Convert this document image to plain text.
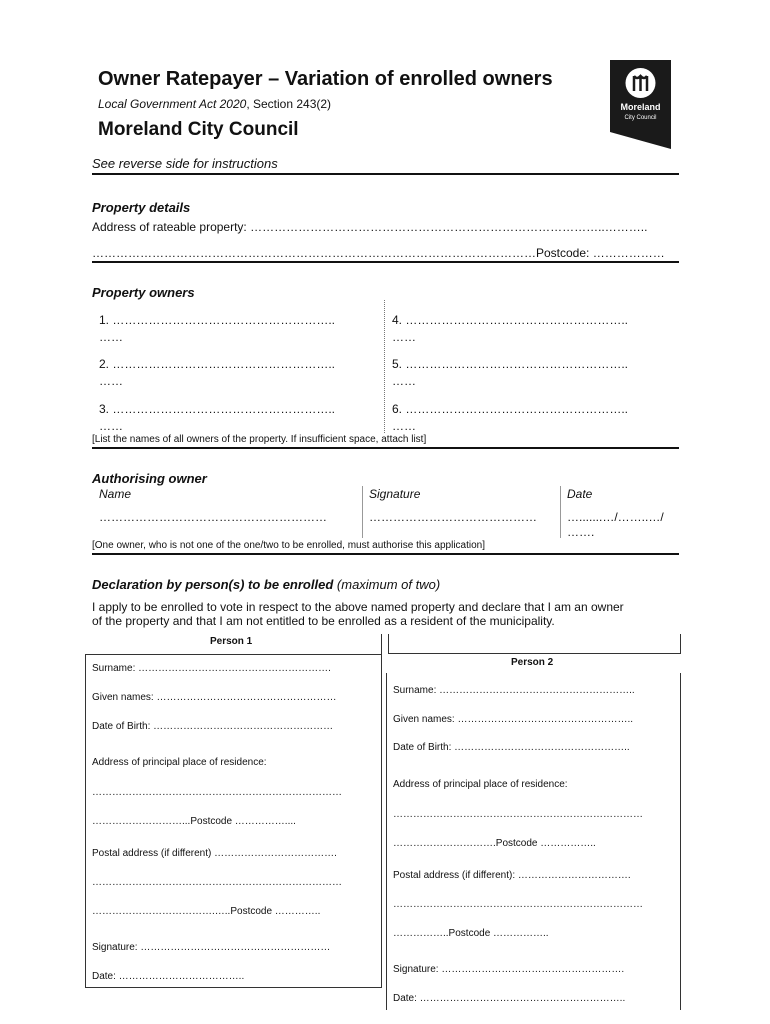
Owner Ratepayer – Variation of enrolled owners
Local Government Act 2020, Section 243(2)
Moreland City Council
Moreland
City Council
See reverse side for instructions
Property details
Address of rateable property: ……………………………………………………………………………..………..
…………………………………………………………………………………………………Postcode: ………………
Property owners
1. ………………………………………………..
……
2. ………………………………………………..
……
3. ………………………………………………..
……
4. ………………………………………………..
……
5. ………………………………………………..
……
6. ………………………………………………..
……
[List the names of all owners of the property. If insufficient space, attach list]
Authorising owner
Name	Signature	Date
…………………………………………………	……………………………………	….......…/……..…/
…….
[One owner, who is not one of the one/two to be enrolled, must authorise this application]
Declaration by person(s) to be enrolled (maximum of two)
I apply to be enrolled to vote in respect to the above named property and declare that I am an owner
of the property and that I am not entitled to be enrolled as a resident of the municipality.
Person 1
Surname: ………………………………………………….
Given names: ………………………………………………
Date of Birth: ………………………………………………
Address of principal place of residence:
…………………………………………………………………
………………………...Postcode ……………....
Postal address (if different) ……………………………….
…………………………………………………………………
……………………………….…..Postcode …………..
Signature: …………………………………………………
Date: ………………………………..
Person 2
Surname: …………………………………………………..
Given names: ……………………………………………..
Date of Birth: ……………………………………………..
Address of principal place of residence:
…………………………………………………………………
………………………….Postcode ……………..
Postal address (if different): …………………………….
…………………………………………………………………
……………..Postcode ……………..
Signature: ……………………………………………….
Date: ……………………………………………………..
